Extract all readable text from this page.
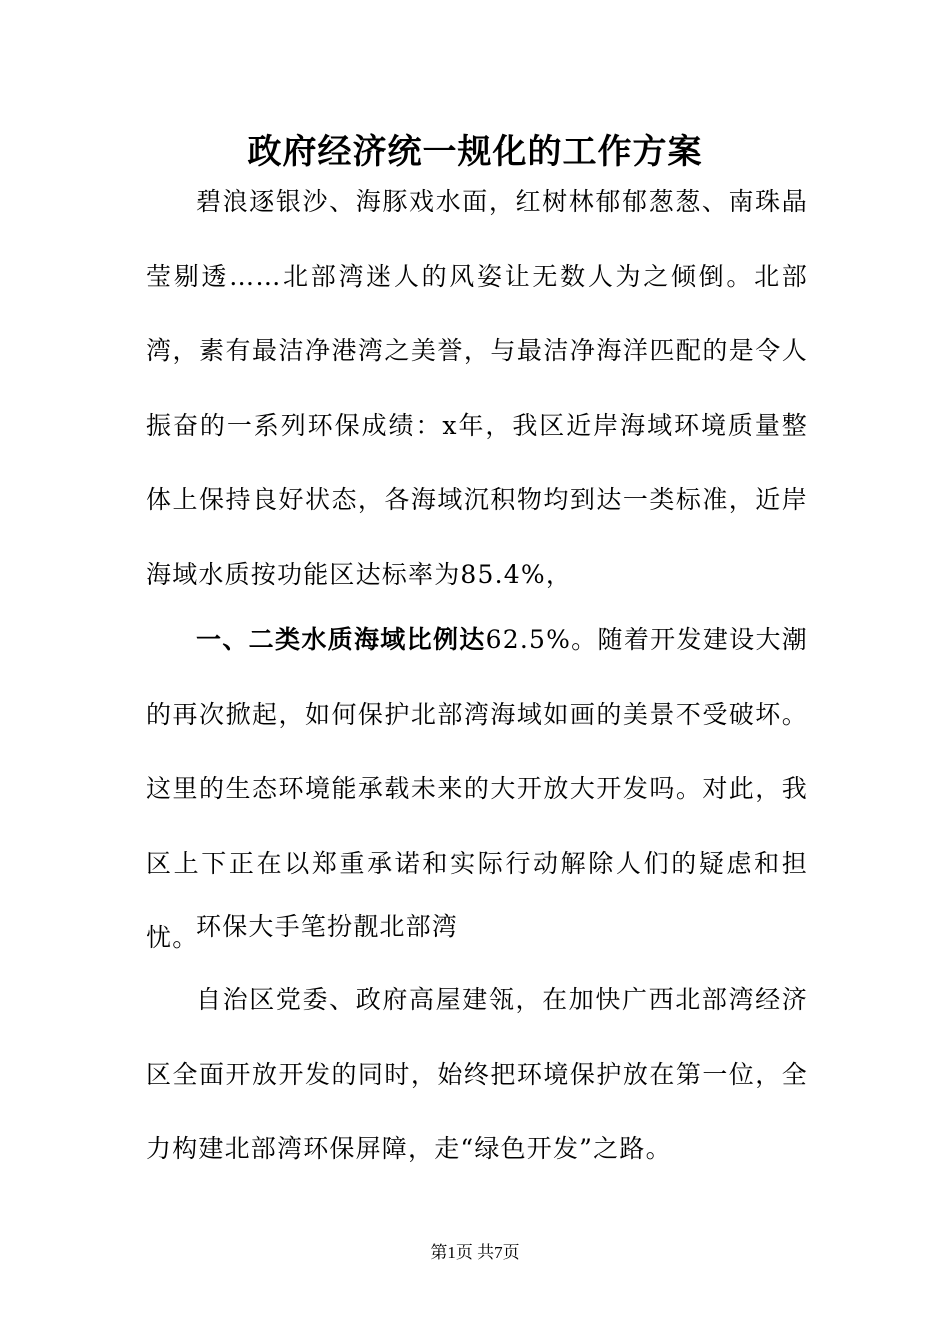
政府经济统一规化的工作方案

碧浪逐银沙、海豚戏水面，红树林郁郁葱葱、南珠晶莹剔透……北部湾迷人的风姿让无数人为之倾倒。北部湾，素有最洁净港湾之美誉，与最洁净海洋匹配的是令人振奋的一系列环保成绩：x年，我区近岸海域环境质量整体上保持良好状态，各海域沉积物均到达一类标准，近岸海域水质按功能区达标率为85.4%，

一、二类水质海域比例达62.5%。随着开发建设大潮的再次掀起，如何保护北部湾海域如画的美景不受破坏。这里的生态环境能承载未来的大开放大开发吗。对此，我区上下正在以郑重承诺和实际行动解除人们的疑虑和担忧。

环保大手笔扮靓北部湾

自治区党委、政府高屋建瓴，在加快广西北部湾经济区全面开放开发的同时，始终把环境保护放在第一位，全力构建北部湾环保屏障，走“绿色开发”之路。

第1页 共7页
